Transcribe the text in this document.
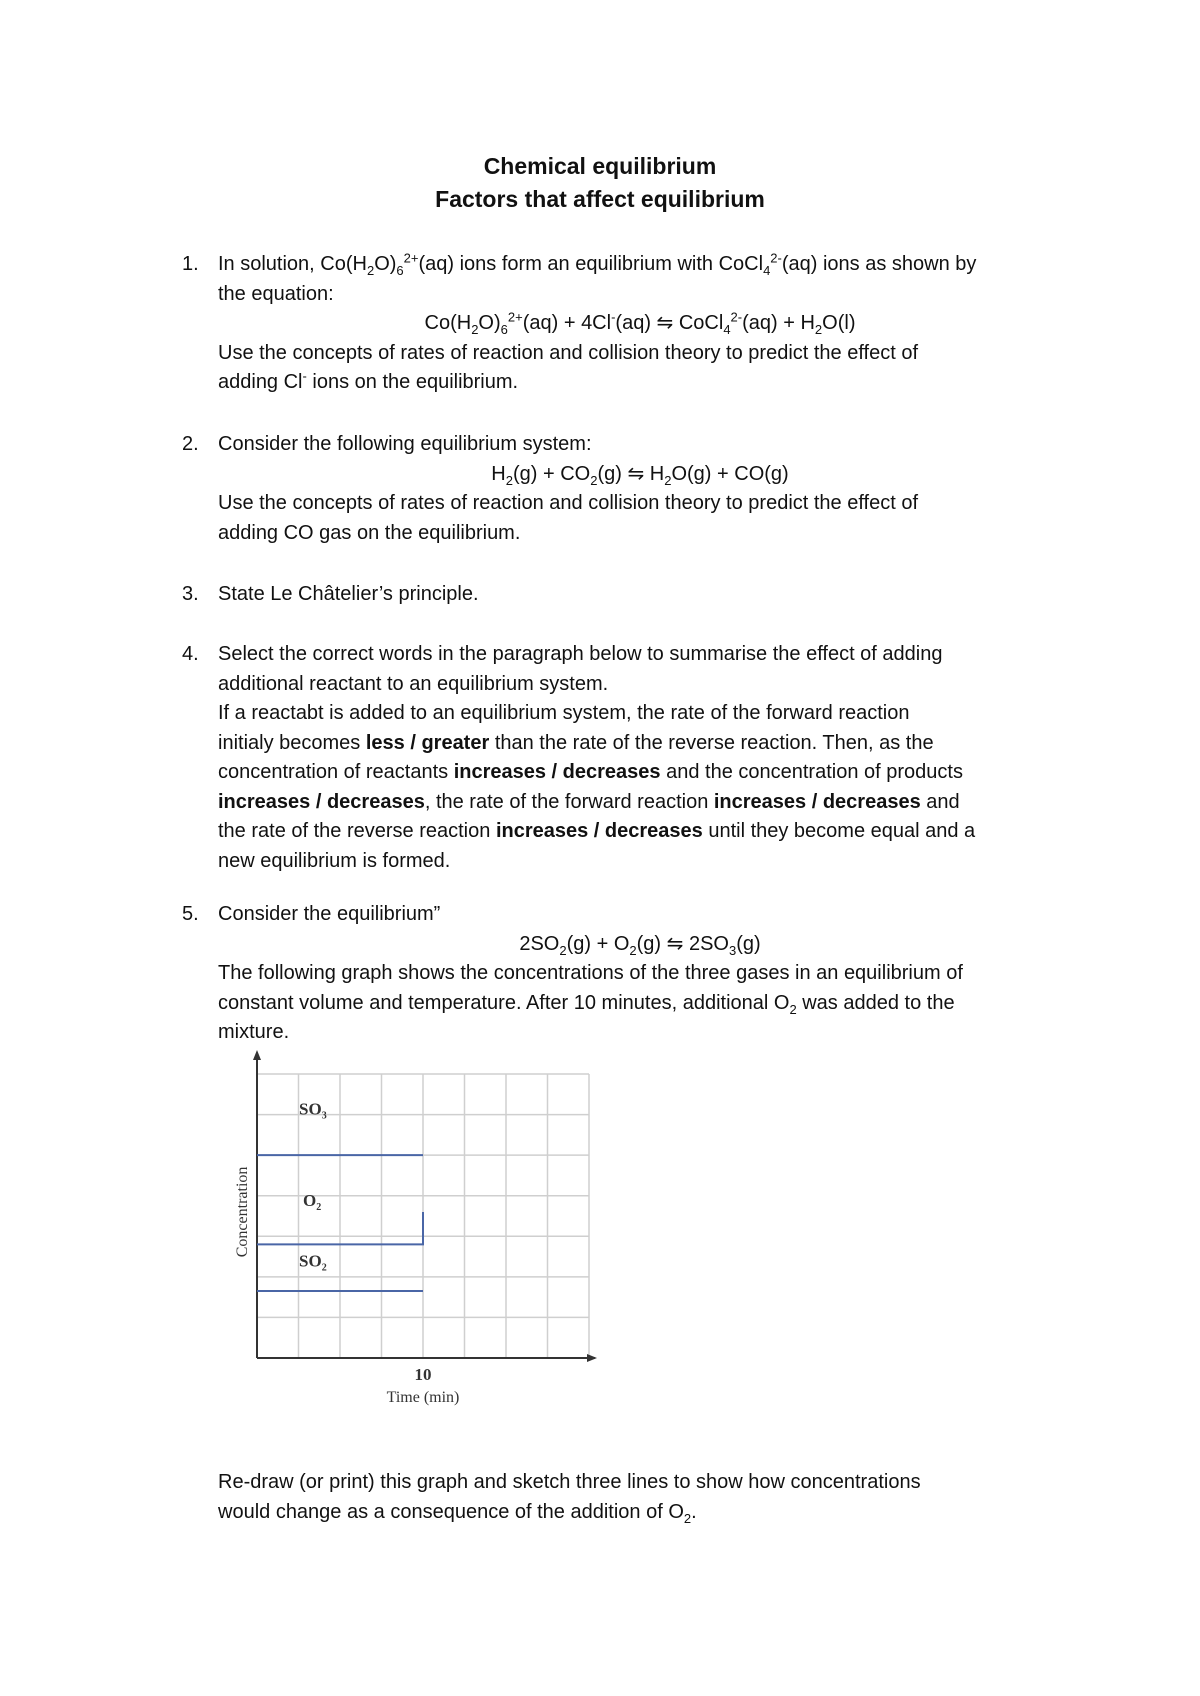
Chemical equilibrium
Factors that affect equilibrium
1. In solution, $Co(H_2O)_6^{2+}(aq)$ ions form an equilibrium with CoCl$_4^{2-}$(aq) ions as shown by
the equation:
$Co(H_2O)_6^{2+}(aq) + 4Cl^-(aq)$ ⇋ CoCl$_4^{2-}$(aq) + $H_2O(l)$
Use the concepts of rates of reaction and collision theory to predict the effect of
adding Cl- ions on the equilibrium.
2. Consider the following equilibrium system:
$H_2(g) + CO_2(g)$ ⇋ $H_2O(g) + CO(g)$
Use the concepts of rates of reaction and collision theory to predict the effect of
adding CO gas on the equilibrium.
3. State Le Châtelier’s principle.
4. Select the correct words in the paragraph below to summarise the effect of adding
additional reactant to an equilibrium system.
If a reactabt is added to an equilibrium system, the rate of the forward reaction
initialy becomes less / greater than the rate of the reverse reaction. Then, as the
concentration of reactants increases / decreases and the concentration of products
increases / decreases, the rate of the forward reaction increases / decreases and
the rate of the reverse reaction increases / decreases until they become equal and a
new equilibrium is formed.
5. Consider the equilibrium”
$2SO_2(g) + O_2(g)$ ⇋ $2SO_3(g)$
The following graph shows the concentrations of the three gases in an equilibrium of
constant volume and temperature. After 10 minutes, additional $O_2$ was added to the
mixture.
$SO_3$
$O_2$
$SO_2$
10
Time (min)
Concentration
Re-draw (or print) this graph and sketch three lines to show how concentrations
would change as a consequence of the addition of $O_2$.
